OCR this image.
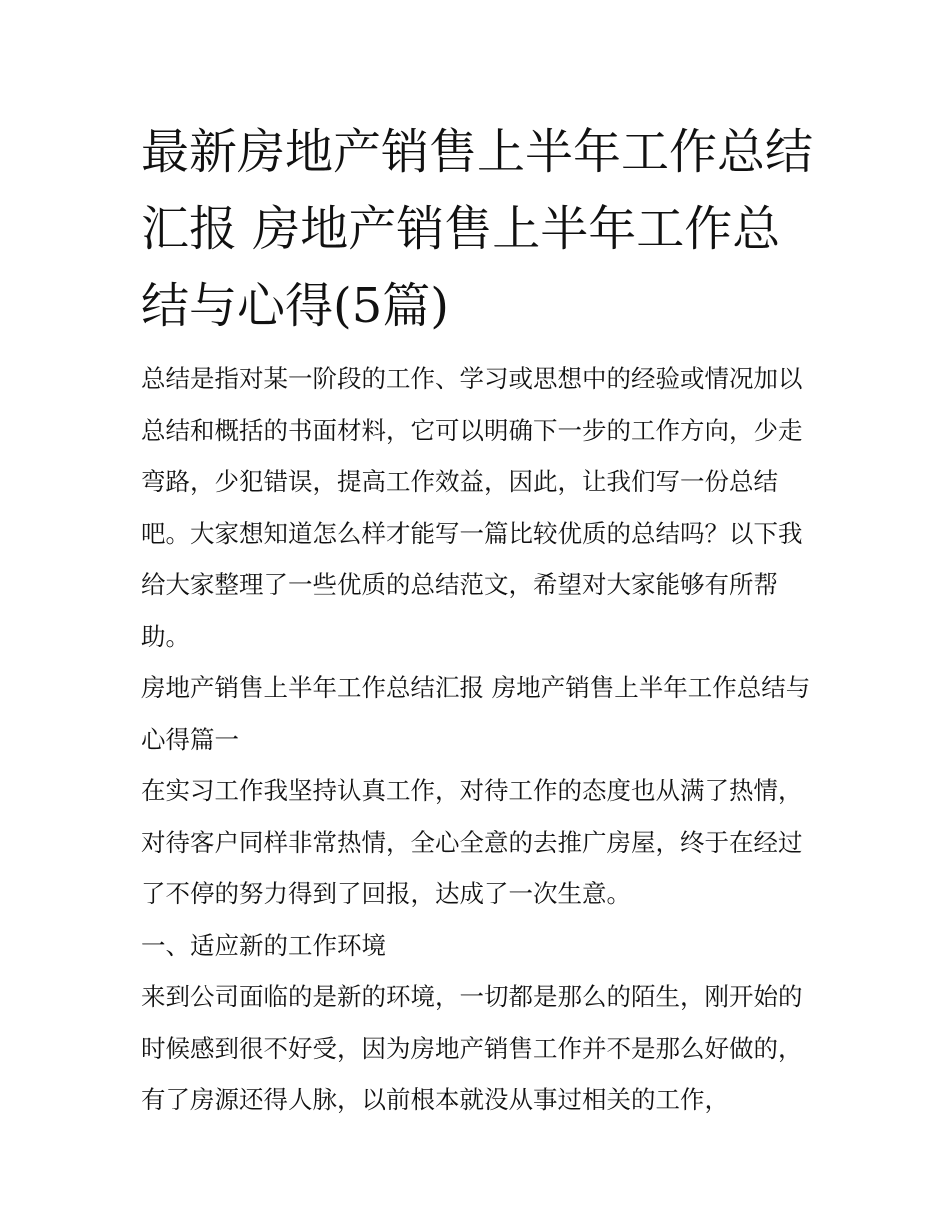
最新房地产销售上半年工作总结汇报 房地产销售上半年工作总结与心得(5篇)

总结是指对某一阶段的工作、学习或思想中的经验或情况加以总结和概括的书面材料，它可以明确下一步的工作方向，少走弯路，少犯错误，提高工作效益，因此，让我们写一份总结吧。大家想知道怎么样才能写一篇比较优质的总结吗？以下我给大家整理了一些优质的总结范文，希望对大家能够有所帮助。

房地产销售上半年工作总结汇报 房地产销售上半年工作总结与心得篇一

在实习工作我坚持认真工作，对待工作的态度也从满了热情，对待客户同样非常热情，全心全意的去推广房屋，终于在经过了不停的努力得到了回报，达成了一次生意。

一、适应新的工作环境

来到公司面临的是新的环境，一切都是那么的陌生，刚开始的时候感到很不好受，因为房地产销售工作并不是那么好做的，有了房源还得人脉，以前根本就没从事过相关的工作，
